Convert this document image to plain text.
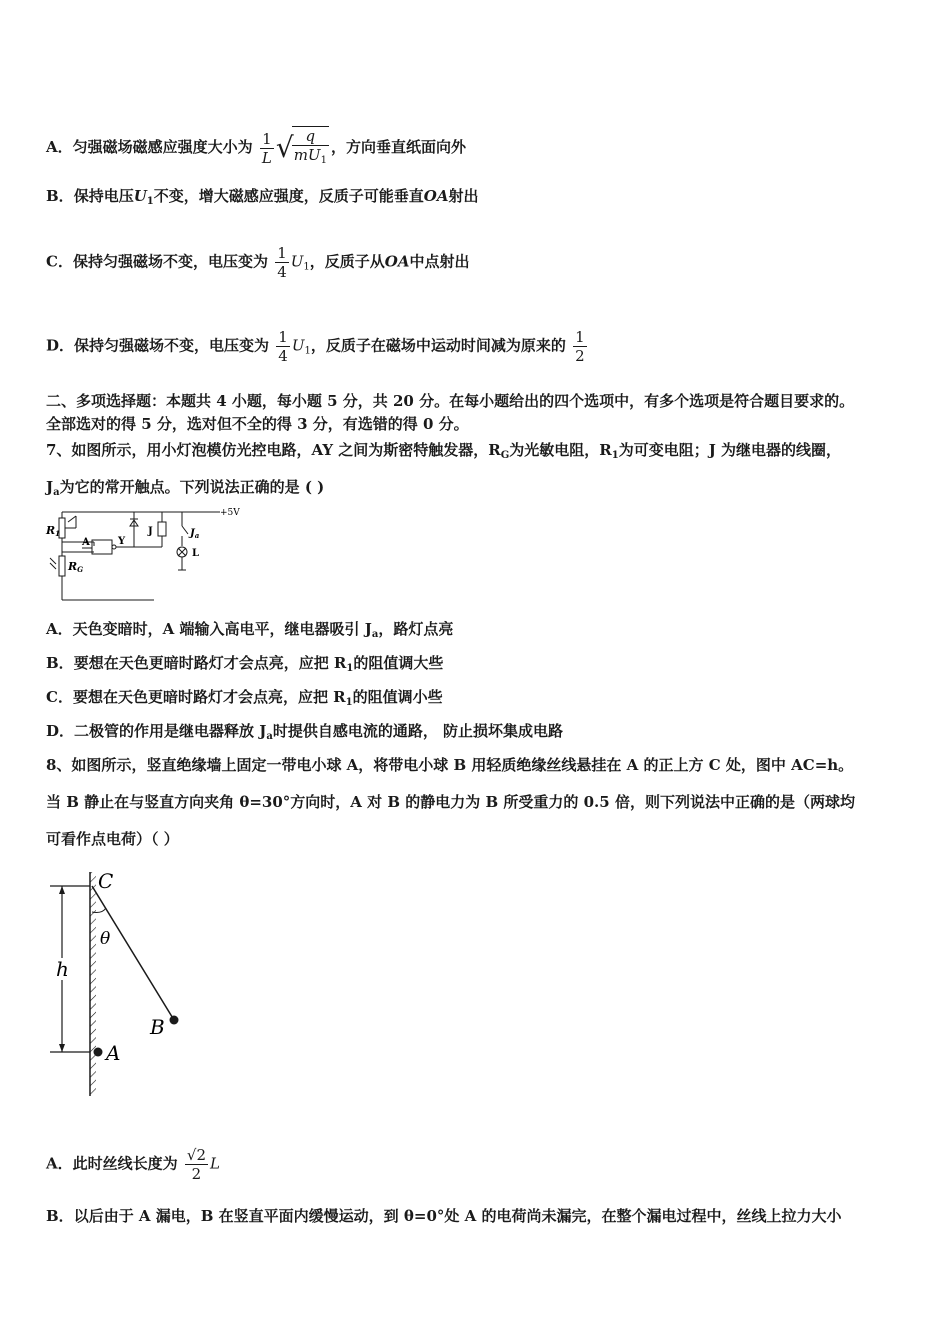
A．匀强磁场磁感应强度大小为 $\frac{1}{L}$ √
$\frac{q}{mU_1}$ ，方向垂直纸面向外
B．保持电压$U_1$不变，增大磁感应强度，反质子可能垂直OA射出
C．保持匀强磁场不变，电压变为 $\frac{1}{4} U_1$，反质子从OA中点射出
D．保持匀强磁场不变，电压变为 $\frac{1}{4} U_1$，反质子在磁场中运动时间减为原来的 $\frac{1}{2}$
二、多项选择题：本题共 4 小题，每小题 5 分，共 20 分。在每小题给出的四个选项中，有多个选项是符合题目要求的。
全部选对的得 5 分，选对但不全的得 3 分，有选错的得 0 分。
7、如图所示，用小灯泡模仿光控电路，AY 之间为斯密特触发器，$R_G$为光敏电阻，$R_1$为可变电阻；J 为继电器的线圈，
$J_a$为它的常开触点。下列说法正确的是 ( )
R1
RG
A	Y
J	$J_a$
L
+5V
A．天色变暗时，A 端输入高电平，继电器吸引 $J_a$，路灯点亮
B．要想在天色更暗时路灯才会点亮，应把 $R_1$的阻值调大些
C．要想在天色更暗时路灯才会点亮，应把 $R_1$的阻值调小些
D．二极管的作用是继电器释放 $J_a$时提供自感电流的通路， 防止损坏集成电路
8、如图所示，竖直绝缘墙上固定一带电小球 A，将带电小球 B 用轻质绝缘丝线悬挂在 A 的正上方 C 处，图中 AC=h。
当 B 静止在与竖直方向夹角 θ=30°方向时，A 对 B 的静电力为 B 所受重力的 0.5 倍，则下列说法中正确的是（两球均
可看作点电荷）（ ）
C
θ
h
B
A
A．此时丝线长度为 $\frac{√2}{2}$ L
B．以后由于 A 漏电，B 在竖直平面内缓慢运动，到 θ=0°处 A 的电荷尚未漏完，在整个漏电过程中，丝线上拉力大小
